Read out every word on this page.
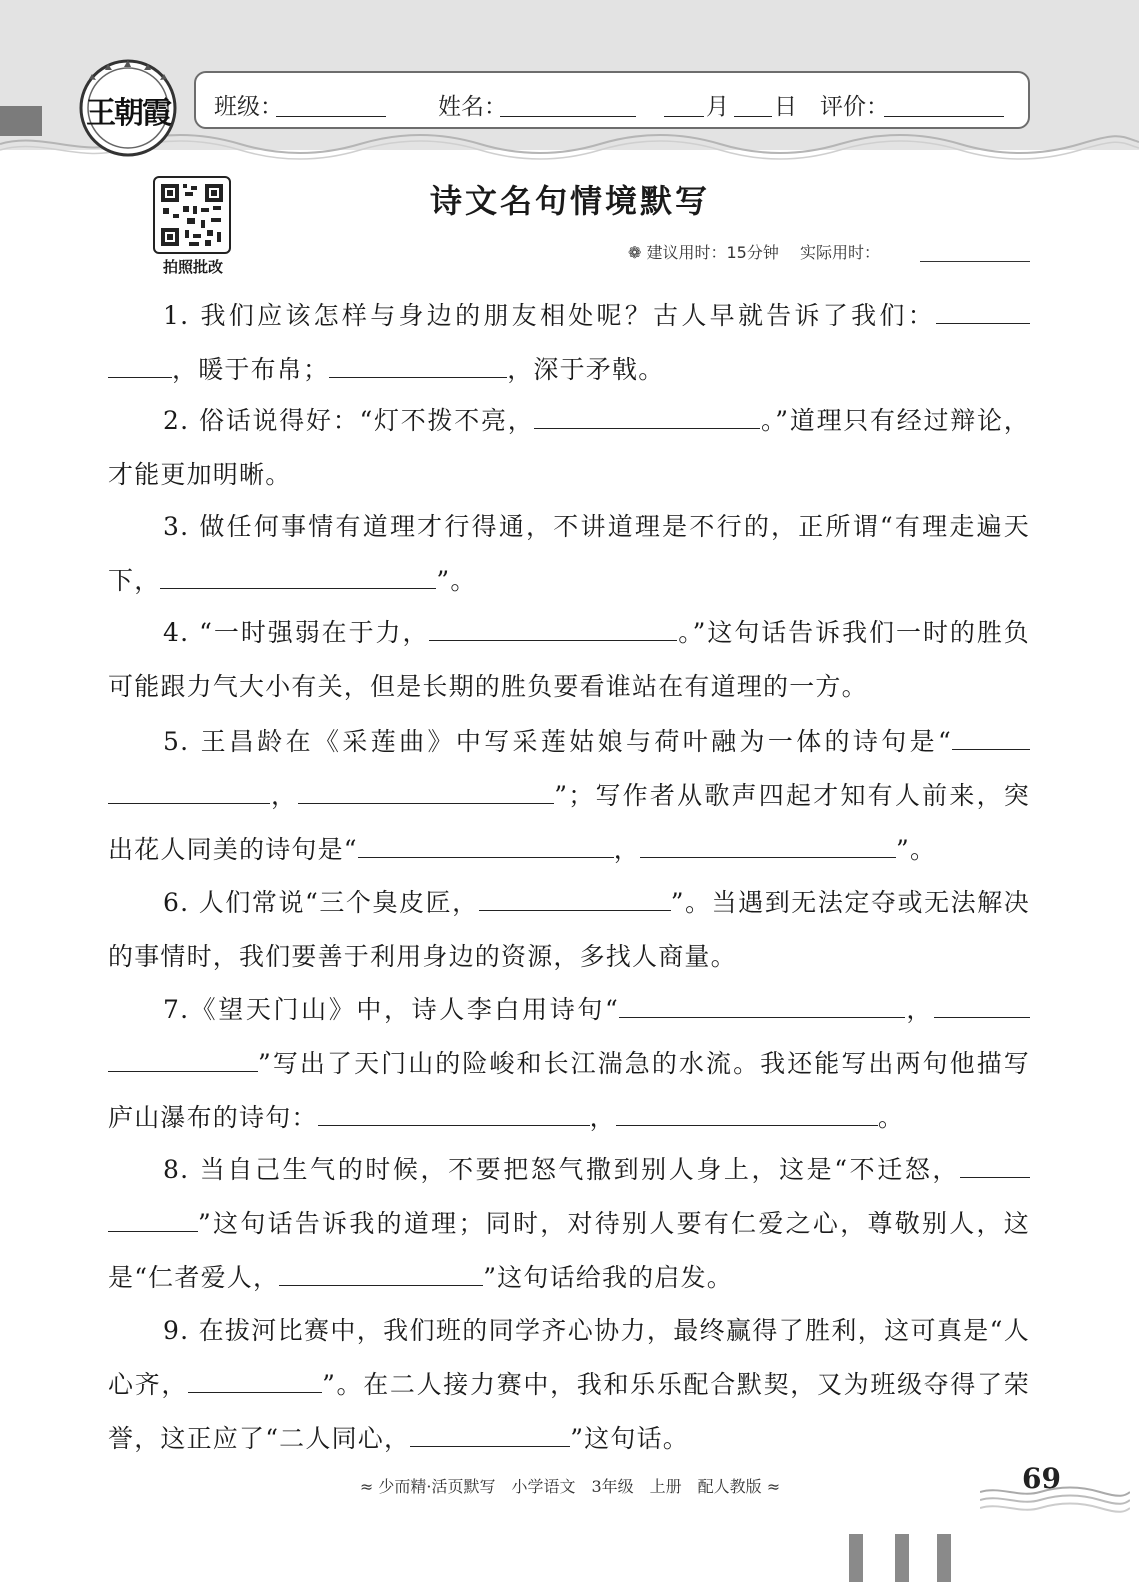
王朝霞	班级：	姓名：	月 日 评价：
拍照批改
诗文名句情境默写
❁ 建议用时：15分钟　 实际用时：

1. 我们应该怎样与身边的朋友相处呢？古人早就告诉了我们：，暖于布帛；	，深于矛戟。

2. 俗话说得好：“灯不拨不亮，	。”道理只有经过辩论，才能更加明晰。

3. 做任何事情有道理才行得通，不讲道理是不行的，正所谓“有理走遍天下，	”。

4. “一时强弱在于力，	。”这句话告诉我们一时的胜负可能跟力气大小有关，但是长期的胜负要看谁站在有道理的一方。

5. 王昌龄在《采莲曲》中写采莲姑娘与荷叶融为一体的诗句是“，	”；写作者从歌声四起才知有人前来，突出花人同美的诗句是“	，	”。

6. 人们常说“三个臭皮匠，	”。当遇到无法定夺或无法解决的事情时，我们要善于利用身边的资源，多找人商量。

7.《望天门山》中，诗人李白用诗句“	，”写出了天门山的险峻和长江湍急的水流。我还能写出两句他描写庐山瀑布的诗句：	，	。

8. 当自己生气的时候，不要把怒气撒到别人身上，这是“不迁怒，”这句话告诉我的道理；同时，对待别人要有仁爱之心，尊敬别人，这是“仁者爱人，	”这句话给我的启发。

9. 在拔河比赛中，我们班的同学齐心协力，最终赢得了胜利，这可真是“人心齐，	”。在二人接力赛中，我和乐乐配合默契，又为班级夺得了荣誉，这正应了“二人同心，	”这句话。

≈ 少而精·活页默写　小学语文　3年级　上册　配人教版 ≈	69
